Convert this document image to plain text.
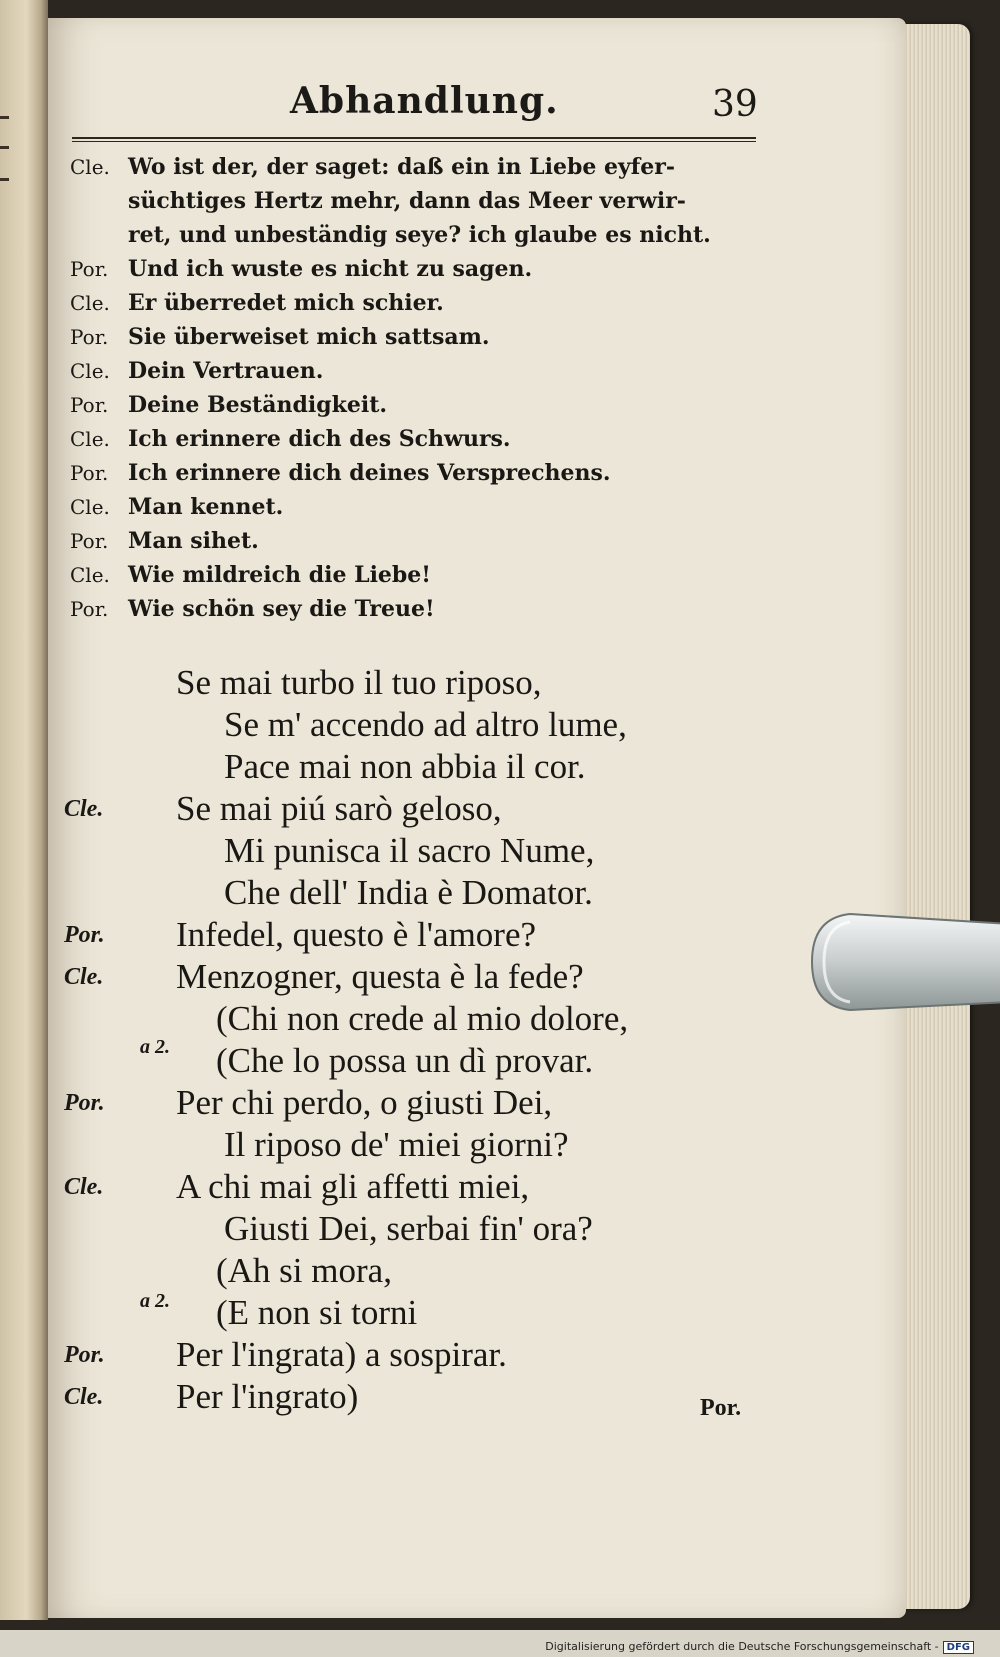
Abhandlung.	39
Cle. Wo ist der, der saget: daß ein in Liebe eyfer-
süchtiges Hertz mehr, dann das Meer verwir-
ret, und unbeständig seye? ich glaube es nicht.
Por. Und ich wuste es nicht zu sagen.
Cle. Er überredet mich schier.
Por. Sie überweiset mich sattsam.
Cle. Dein Vertrauen.
Por. Deine Beständigkeit.
Cle. Ich erinnere dich des Schwurs.
Por. Ich erinnere dich deines Versprechens.
Cle. Man kennet.
Por. Man sihet.
Cle. Wie mildreich die Liebe!
Por. Wie schön sey die Treue!
Se mai turbo il tuo riposo,
Se m' accendo ad altro lume,
Pace mai non abbia il cor.
Cle. Se mai piú sarò geloso,
Mi punisca il sacro Nume,
Che dell' India è Domator.
Por. Infedel, questo è l'amore?
Cle. Menzogner, questa è la fede?
(Chi non crede al mio dolore,
(Che lo possa un dì provar.
Por. Per chi perdo, o giusti Dei,
Il riposo de' miei giorni?
Cle. A chi mai gli affetti miei,
Giusti Dei, serbai fin' ora?
(Ah si mora,
(E non si torni
Por. Per l'ingrata) a sospirar.
Cle. Per l'ingrato)
a 2.
a 2.
Por.
Digitalisierung gefördert durch die Deutsche Forschungsgemeinschaft - DFG
